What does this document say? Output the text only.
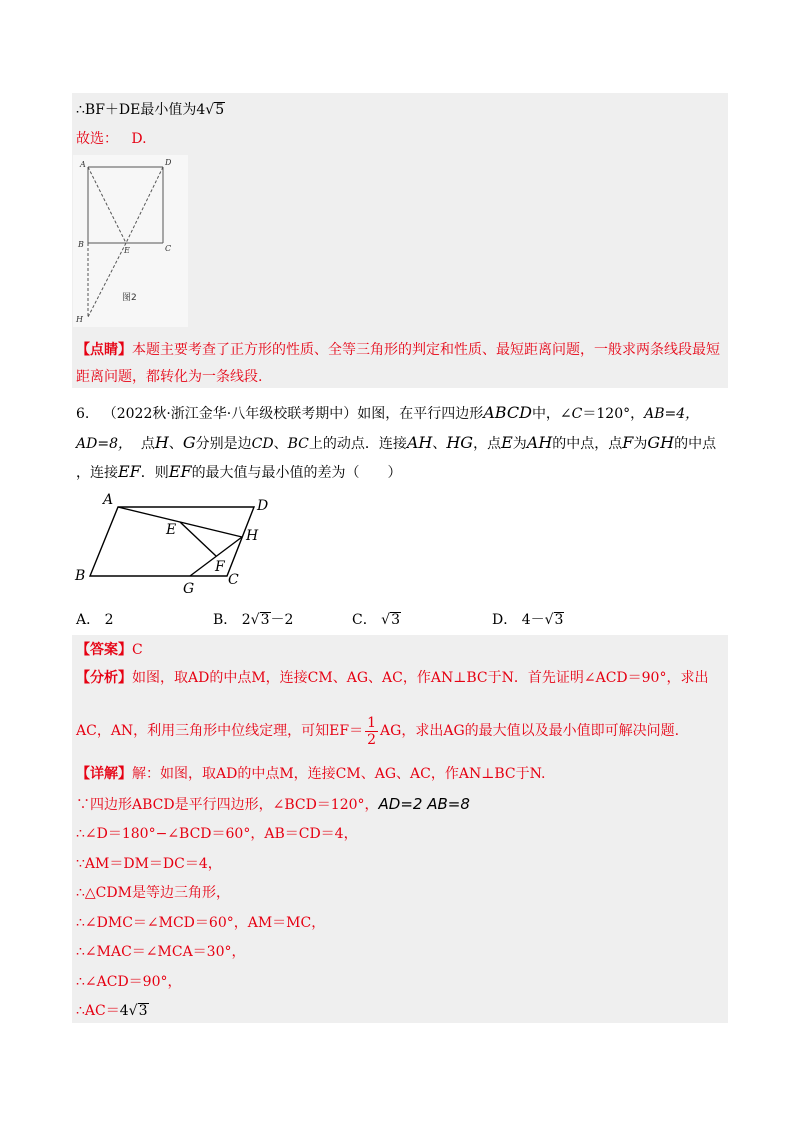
∴BF＋DE最小值为4√5
故选： D.
A	D
B
E	C
H
图2
【点睛】本题主要考查了正方形的性质、全等三角形的判定和性质、最短距离问题，一般求两条线段最短
距离问题，都转化为一条线段.
6. （2022秋·浙江金华·八年级校联考期中）如图，在平行四边形ABCD中，∠C＝120°，AB=4，
AD=8， 点H、G分别是边CD、BC上的动点．连接AH、HG，点E为AH的中点，点F为GH的中点
，连接EF．则EF的最大值与最小值的差为（　　）
A	D
E	H
F
B
G
C
A． 2	B． 2√3－2	C． √3	D． 4－√3
【答案】C
【分析】如图，取AD的中点M，连接CM、AG、AC，作AN⊥BC于N．首先证明∠ACD＝90°，求出
AC，AN，利用三角形中位线定理，可知$EF= \frac{1}{2}$ AG，求出AG的最大值以及最小值即可解决问题.
【详解】解：如图，取AD的中点M，连接CM、AG、AC，作AN⊥BC于N.
∵四边形ABCD是平行四边形，∠BCD＝120°，AD=2 AB=8
∴∠D＝180°−∠BCD＝60°，AB＝CD＝4，
∵AM＝DM＝DC＝4，
∴△CDM是等边三角形，
∴∠DMC＝∠MCD＝60°，AM＝MC，
∴∠MAC＝∠MCA＝30°，
∴∠ACD＝90°，
∴AC＝4√3
